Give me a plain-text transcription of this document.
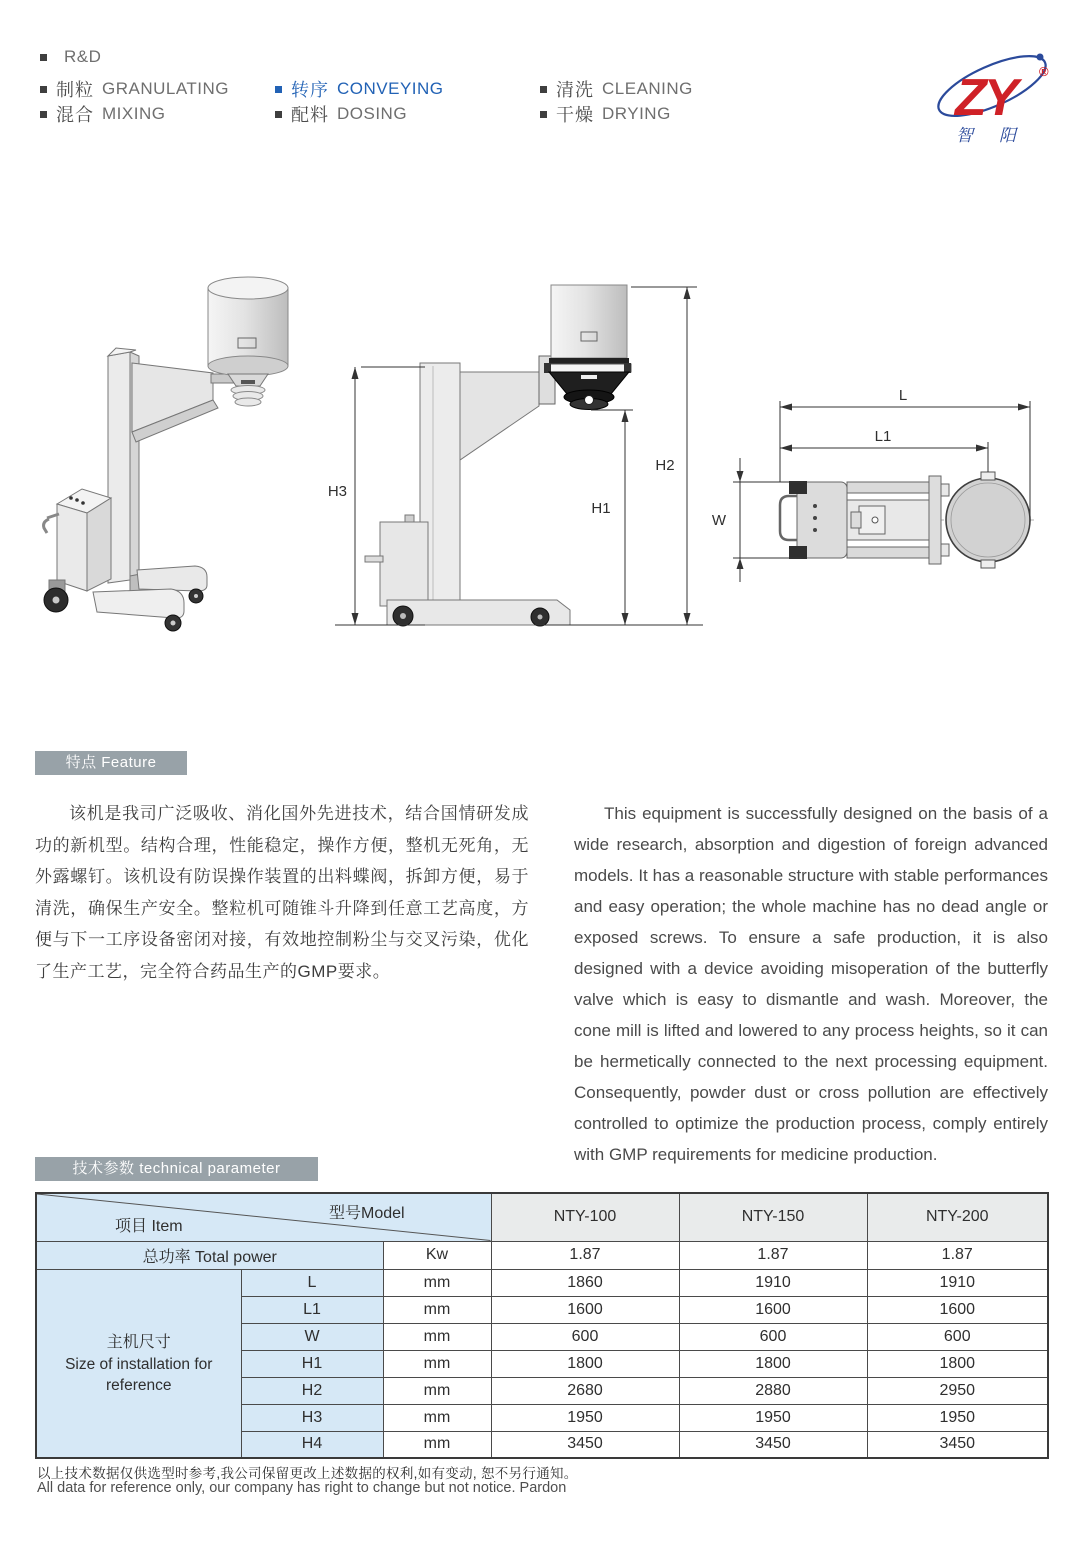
R&D
制粒 GRANULATING
混合 MIXING
转序 CONVEYING
配料 DOSING
清洗 CLEANING
干燥 DRYING	ZY	®
智阳
H3
H1
H2
L
L1
W
特点 Feature

该机是我司广泛吸收、消化国外先进技术，结合国情研发成功的新机型。结构合理，性能稳定，操作方便，整机无死角，无外露螺钉。该机设有防误操作装置的出料蝶阀，拆卸方便，易于清洗，确保生产安全。整粒机可随锥斗升降到任意工艺高度，方便与下一工序设备密闭对接，有效地控制粉尘与交叉污染，优化了生产工艺，完全符合药品生产的GMP要求。

This equipment is successfully designed on the basis of a wide research, absorption and digestion of foreign advanced models. It has a reasonable structure with stable performances and easy operation; the whole machine has no dead angle or exposed screws. To ensure a safe production, it is also designed with a device avoiding misoperation of the butterfly valve which is easy to dismantle and wash. Moreover, the cone mill is lifted and lowered to any process heights, so it can be hermetically connected to the next processing equipment. Consequently, powder dust or cross pollution are effectively controlled to optimize the production process, comply entirely with GMP requirements for medicine production.

技术参数 technical parameter
型号Model
项目 Item			NTY-100	NTY-150	NTY-200
总功率 Total power		Kw	1.87	1.87	1.87

主机尺寸
Size of installation for reference	L	mm	1860	1910	1910
	L1	mm	1600	1600	1600
	W	mm	600	600	600
	H1	mm	1800	1800	1800
	H2	mm	2680	2880	2950
	H3	mm	1950	1950	1950
	H4	mm	3450	3450	3450
以上技术数据仅供选型时参考,我公司保留更改上述数据的权利,如有变动, 恕不另行通知。
All data for reference only, our company has right to change but not notice. Pardon
